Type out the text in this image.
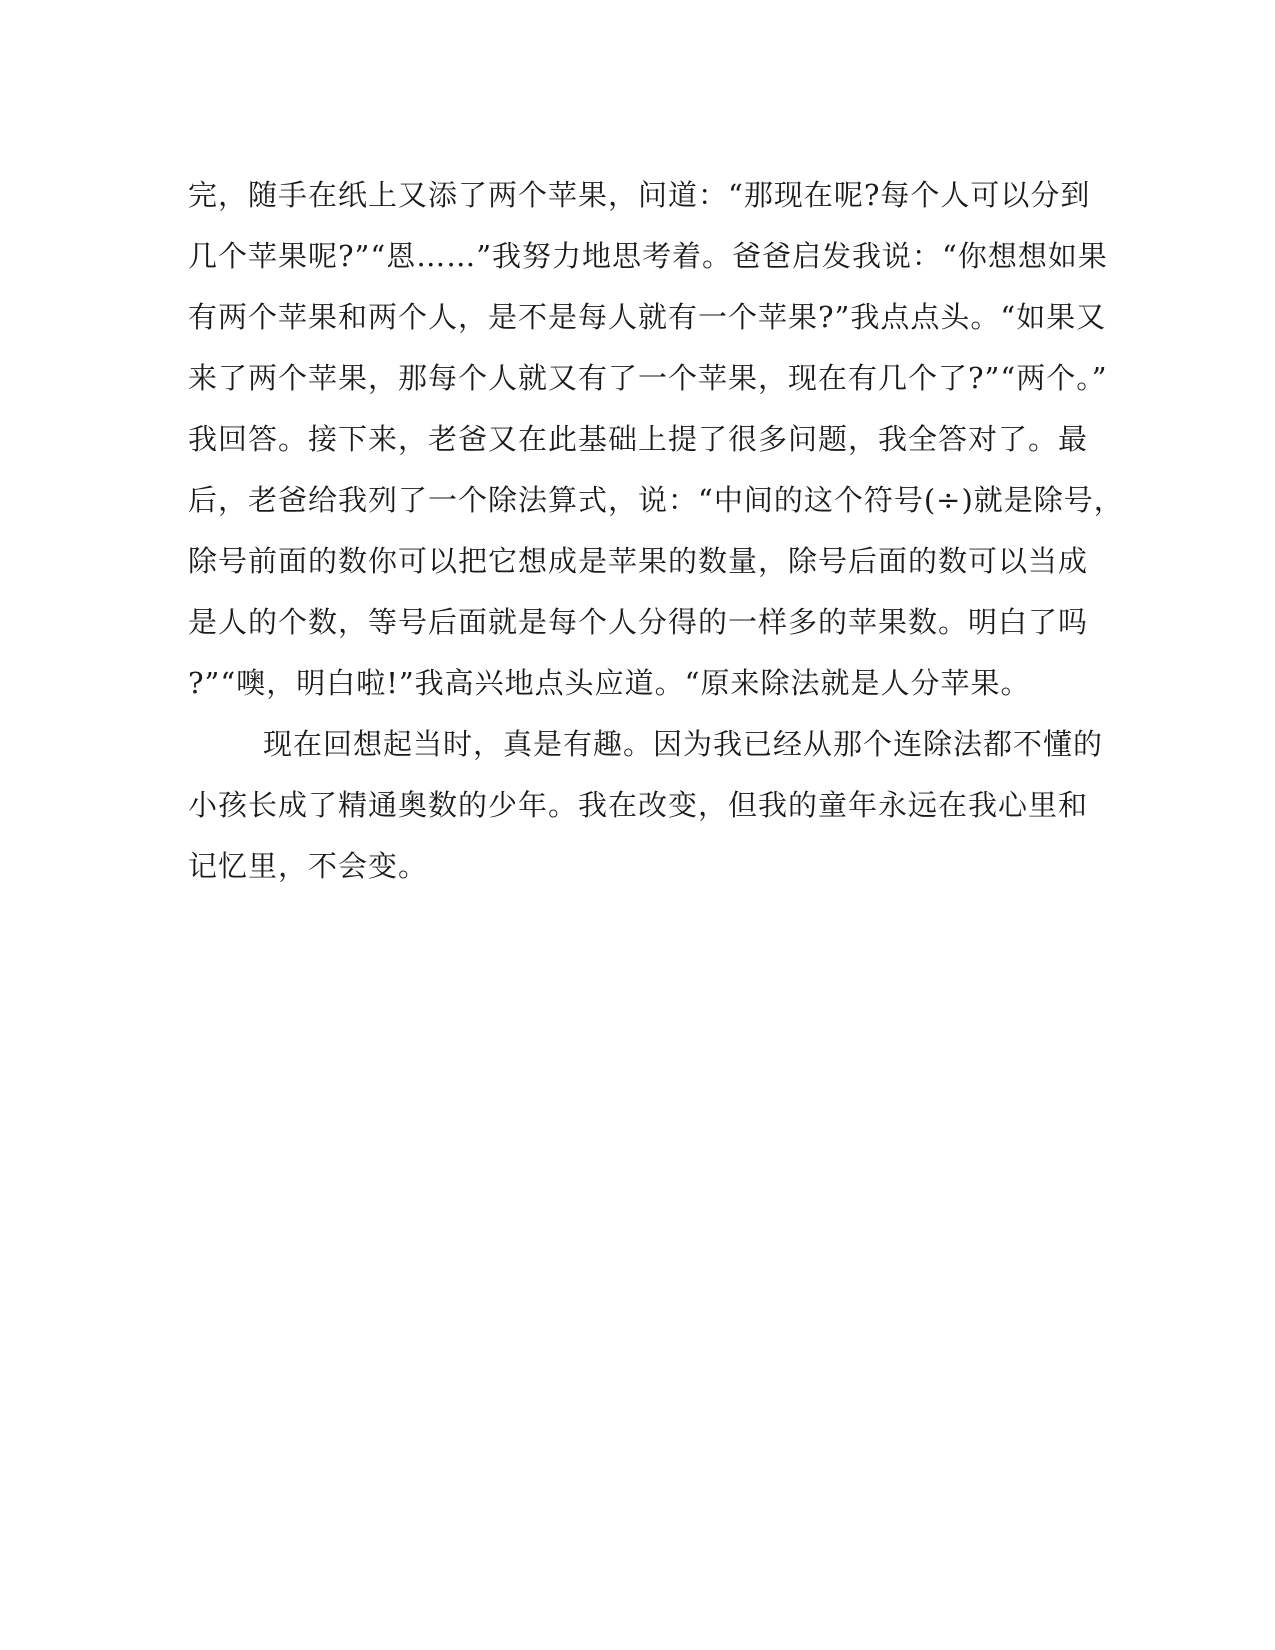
完，随手在纸上又添了两个苹果，问道：“那现在呢?每个人可以分到
几个苹果呢?”“恩……”我努力地思考着。爸爸启发我说：“你想想如果
有两个苹果和两个人，是不是每人就有一个苹果?”我点点头。“如果又
来了两个苹果，那每个人就又有了一个苹果，现在有几个了?”“两个。”
我回答。接下来，老爸又在此基础上提了很多问题，我全答对了。最
后，老爸给我列了一个除法算式，说：“中间的这个符号(÷)就是除号，
除号前面的数你可以把它想成是苹果的数量，除号后面的数可以当成
是人的个数，等号后面就是每个人分得的一样多的苹果数。明白了吗
?”“噢，明白啦!”我高兴地点头应道。“原来除法就是人分苹果。
现在回想起当时，真是有趣。因为我已经从那个连除法都不懂的
小孩长成了精通奥数的少年。我在改变，但我的童年永远在我心里和
记忆里，不会变。
